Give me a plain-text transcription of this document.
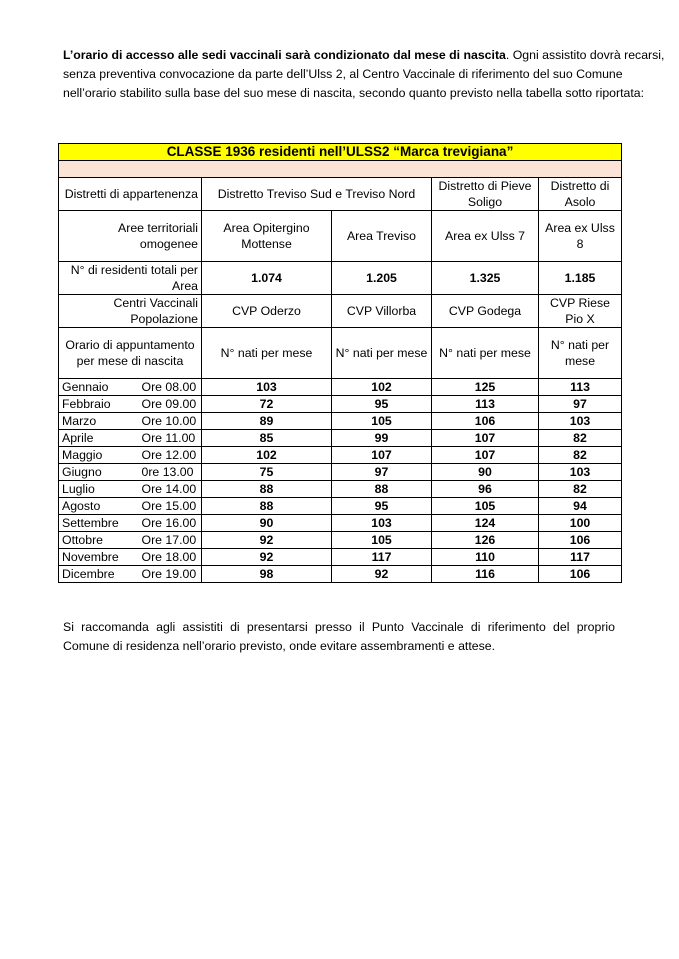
L’orario di accesso alle sedi vaccinali sarà condizionato dal mese di nascita. Ogni assistito dovrà recarsi,
senza preventiva convocazione da parte dell’Ulss 2, al Centro Vaccinale di riferimento del suo Comune
nell’orario stabilito sulla base del suo mese di nascita, secondo quanto previsto nella tabella sotto riportata:
CLASSE 1936 residenti nell’ULSS2 “Marca trevigiana”					

Distretti di appartenenza		Distretto Treviso Sud e Treviso Nord		Distretto di Pieve Soligo	Distretto di Asolo
Aree territoriali omogenee		Area Opitergino Mottense	Area Treviso	Area ex Ulss 7	Area ex Ulss 8
N° di residenti totali per Area		1.074	1.205	1.325	1.185
Centri Vaccinali Popolazione		CVP Oderzo	CVP Villorba	CVP Godega	CVP Riese Pio X
Orario di appuntamento per mese di nascita		N° nati per mese	N° nati per mese	N° nati per mese	N° nati per mese
Gennaio	Ore 08.00	103	102	125	113
Febbraio	Ore 09.00	72	95	113	97
Marzo	Ore 10.00	89	105	106	103
Aprile	Ore 11.00	85	99	107	82
Maggio	Ore 12.00	102	107	107	82
Giugno	0re 13.00	75	97	90	103
Luglio	Ore 14.00	88	88	96	82
Agosto	Ore 15.00	88	95	105	94
Settembre	Ore 16.00	90	103	124	100
Ottobre	Ore 17.00	92	105	126	106
Novembre	Ore 18.00	92	117	110	117
Dicembre	Ore 19.00	98	92	116	106
Si raccomanda agli assistiti di presentarsi presso il Punto Vaccinale di riferimento del proprio
Comune di residenza nell’orario previsto, onde evitare assembramenti e attese.
